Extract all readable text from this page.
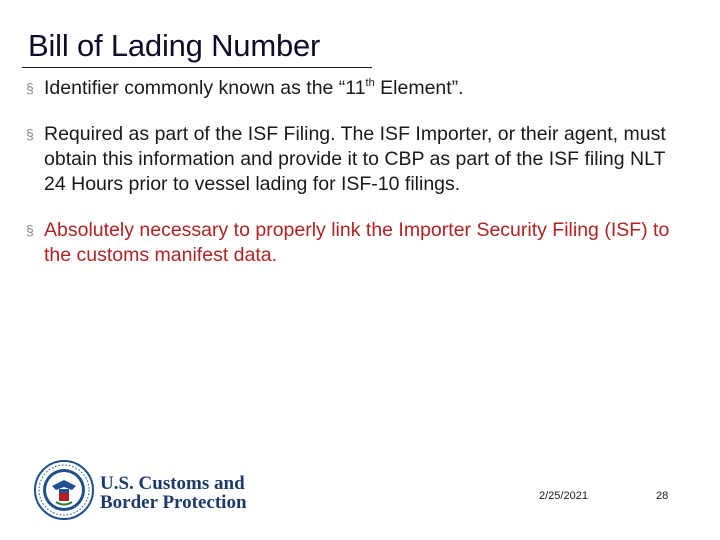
Bill of Lading Number
§ Identifier commonly known as the “11th Element”.
§ Required as part of the ISF Filing. The ISF Importer, or their agent, must obtain this information and provide it to CBP as part of the ISF filing NLT 24 Hours prior to vessel lading for ISF-10 filings.
§ Absolutely necessary to properly link the Importer Security Filing (ISF) to the customs manifest data.
U.S. Customs and
Border Protection	2/25/2021	28
